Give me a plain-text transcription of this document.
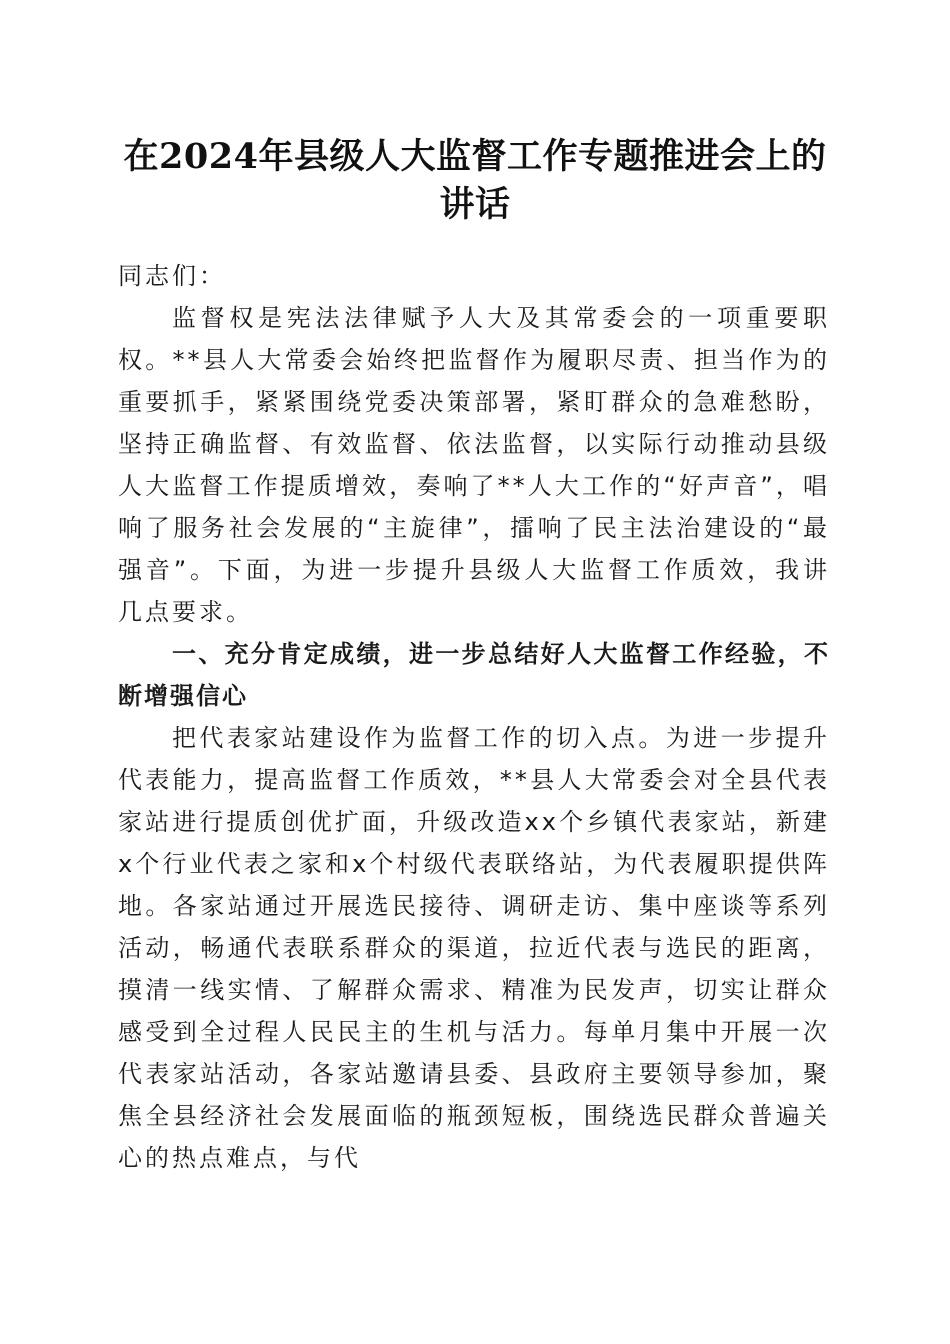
在2024年县级人大监督工作专题推进会上的讲话

同志们：

监督权是宪法法律赋予人大及其常委会的一项重要职权。**县人大常委会始终把监督作为履职尽责、担当作为的重要抓手，紧紧围绕党委决策部署，紧盯群众的急难愁盼，坚持正确监督、有效监督、依法监督，以实际行动推动县级人大监督工作提质增效，奏响了**人大工作的“好声音”，唱响了服务社会发展的“主旋律”，擂响了民主法治建设的“最强音”。下面，为进一步提升县级人大监督工作质效，我讲几点要求。

一、充分肯定成绩，进一步总结好人大监督工作经验，不断增强信心

把代表家站建设作为监督工作的切入点。为进一步提升代表能力，提高监督工作质效，**县人大常委会对全县代表家站进行提质创优扩面，升级改造xx个乡镇代表家站，新建x个行业代表之家和x个村级代表联络站，为代表履职提供阵地。各家站通过开展选民接待、调研走访、集中座谈等系列活动，畅通代表联系群众的渠道，拉近代表与选民的距离，摸清一线实情、了解群众需求、精准为民发声，切实让群众感受到全过程人民民主的生机与活力。每单月集中开展一次代表家站活动，各家站邀请县委、县政府主要领导参加，聚焦全县经济社会发展面临的瓶颈短板，围绕选民群众普遍关心的热点难点，与代
